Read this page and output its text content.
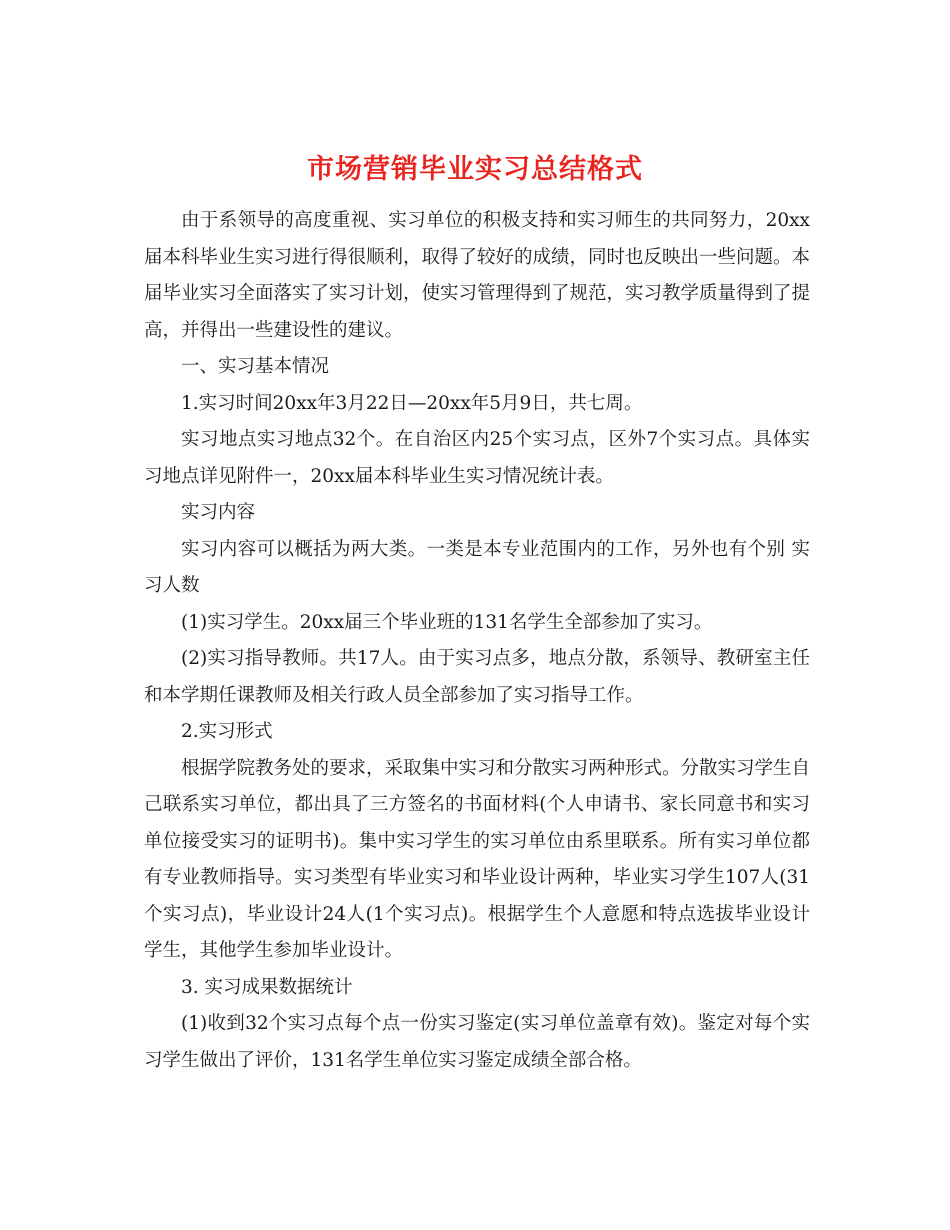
市场营销毕业实习总结格式

由于系领导的高度重视、实习单位的积极支持和实习师生的共同努力，20xx届本科毕业生实习进行得很顺利，取得了较好的成绩，同时也反映出一些问题。本届毕业实习全面落实了实习计划，使实习管理得到了规范，实习教学质量得到了提高，并得出一些建设性的建议。

一、实习基本情况

1.实习时间20xx年3月22日—20xx年5月9日，共七周。

实习地点实习地点32个。在自治区内25个实习点，区外7个实习点。具体实习地点详见附件一，20xx届本科毕业生实习情况统计表。

实习内容

实习内容可以概括为两大类。一类是本专业范围内的工作，另外也有个别 实习人数

(1)实习学生。20xx届三个毕业班的131名学生全部参加了实习。

(2)实习指导教师。共17人。由于实习点多，地点分散，系领导、教研室主任和本学期任课教师及相关行政人员全部参加了实习指导工作。

2.实习形式

根据学院教务处的要求，采取集中实习和分散实习两种形式。分散实习学生自己联系实习单位，都出具了三方签名的书面材料(个人申请书、家长同意书和实习单位接受实习的证明书)。集中实习学生的实习单位由系里联系。所有实习单位都有专业教师指导。实习类型有毕业实习和毕业设计两种，毕业实习学生107人(31个实习点)，毕业设计24人(1个实习点)。根据学生个人意愿和特点选拔毕业设计学生，其他学生参加毕业设计。

3. 实习成果数据统计

(1)收到32个实习点每个点一份实习鉴定(实习单位盖章有效)。鉴定对每个实习学生做出了评价，131名学生单位实习鉴定成绩全部合格。
